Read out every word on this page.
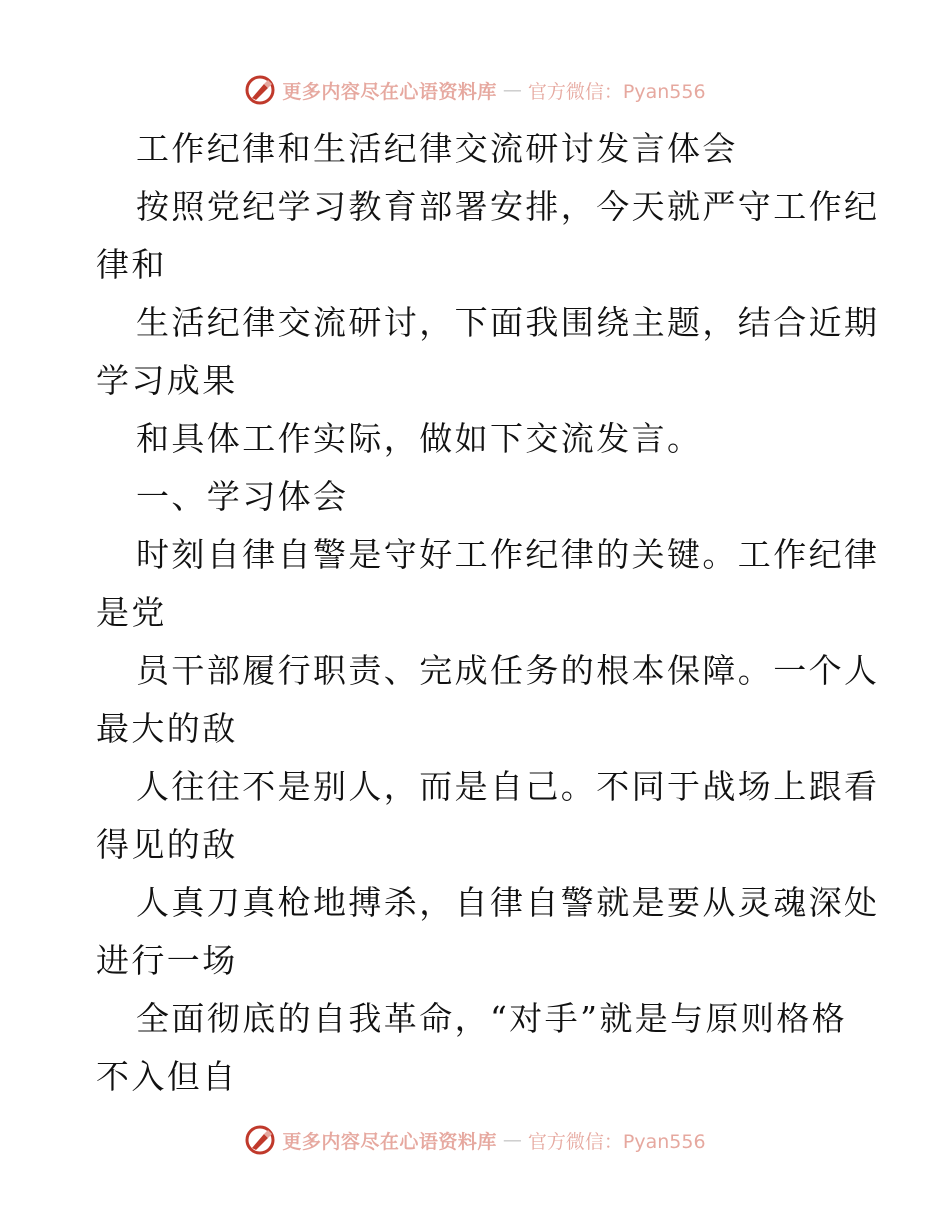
更多内容尽在心语资料库 — 官方微信：Pyan556
工作纪律和生活纪律交流研讨发言体会
按照党纪学习教育部署安排，今天就严守工作纪
律和
生活纪律交流研讨，下面我围绕主题，结合近期
学习成果
和具体工作实际，做如下交流发言。
一、学习体会
时刻自律自警是守好工作纪律的关键。工作纪律
是党
员干部履行职责、完成任务的根本保障。一个人
最大的敌
人往往不是别人，而是自己。不同于战场上跟看
得见的敌
人真刀真枪地搏杀，自律自警就是要从灵魂深处
进行一场
全面彻底的自我革命，“对手”就是与原则格格
不入但自
更多内容尽在心语资料库 — 官方微信：Pyan556
